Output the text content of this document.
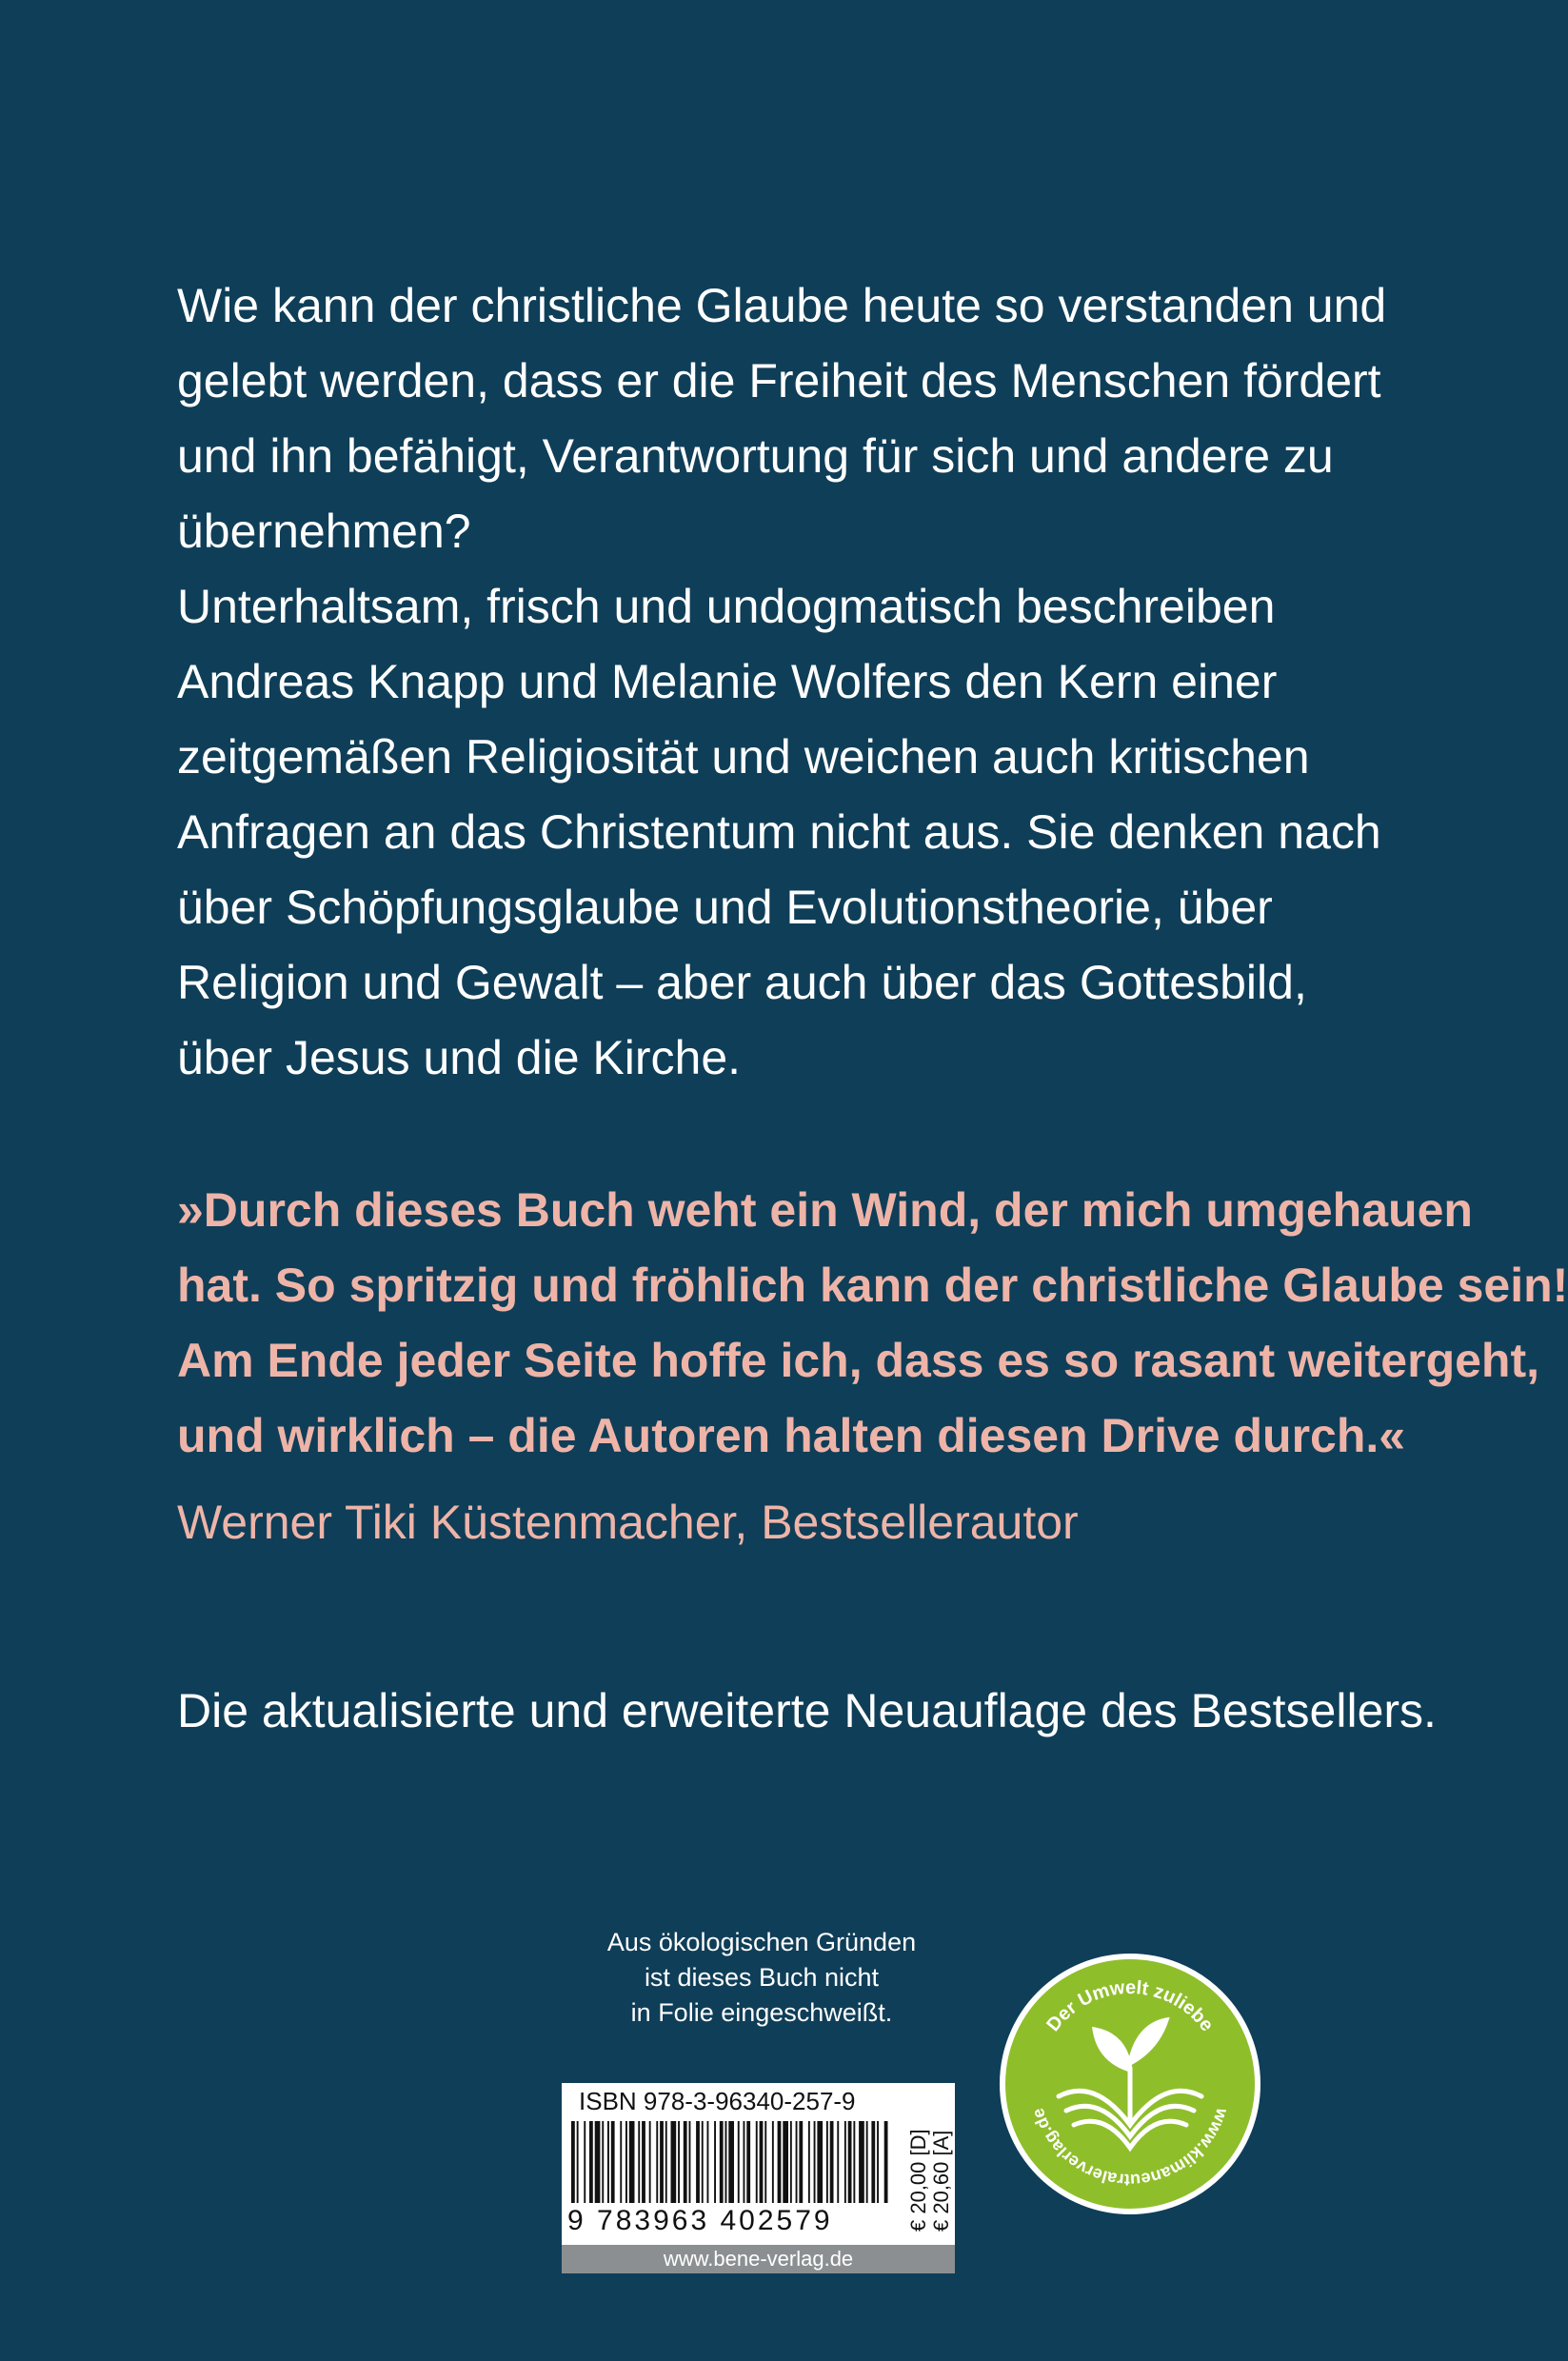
Wie kann der christliche Glaube heute so verstanden und
gelebt werden, dass er die Freiheit des Menschen fördert
und ihn befähigt, Verantwortung für sich und andere zu
übernehmen?
Unterhaltsam, frisch und undogmatisch beschreiben
Andreas Knapp und Melanie Wolfers den Kern einer
zeitgemäßen Religiosität und weichen auch kritischen
Anfragen an das Christentum nicht aus. Sie denken nach
über Schöpfungsglaube und Evolutionstheorie, über
Religion und Gewalt – aber auch über das Gottesbild,
über Jesus und die Kirche.
»Durch dieses Buch weht ein Wind, der mich umgehauen
hat. So spritzig und fröhlich kann der christliche Glaube sein!
Am Ende jeder Seite hoffe ich, dass es so rasant weitergeht,
und wirklich – die Autoren halten diesen Drive durch.«
Werner Tiki Küstenmacher, Bestsellerautor
Die aktualisierte und erweiterte Neuauflage des Bestsellers.
Aus ökologischen Gründen
ist dieses Buch nicht
in Folie eingeschweißt.
ISBN 978-3-96340-257-9
9 783963 402579	€ 20,00 [D] € 20,60 [A]
www.bene-verlag.de
Der Umwelt zuliebe
www.klimaneutralerverlag.de
